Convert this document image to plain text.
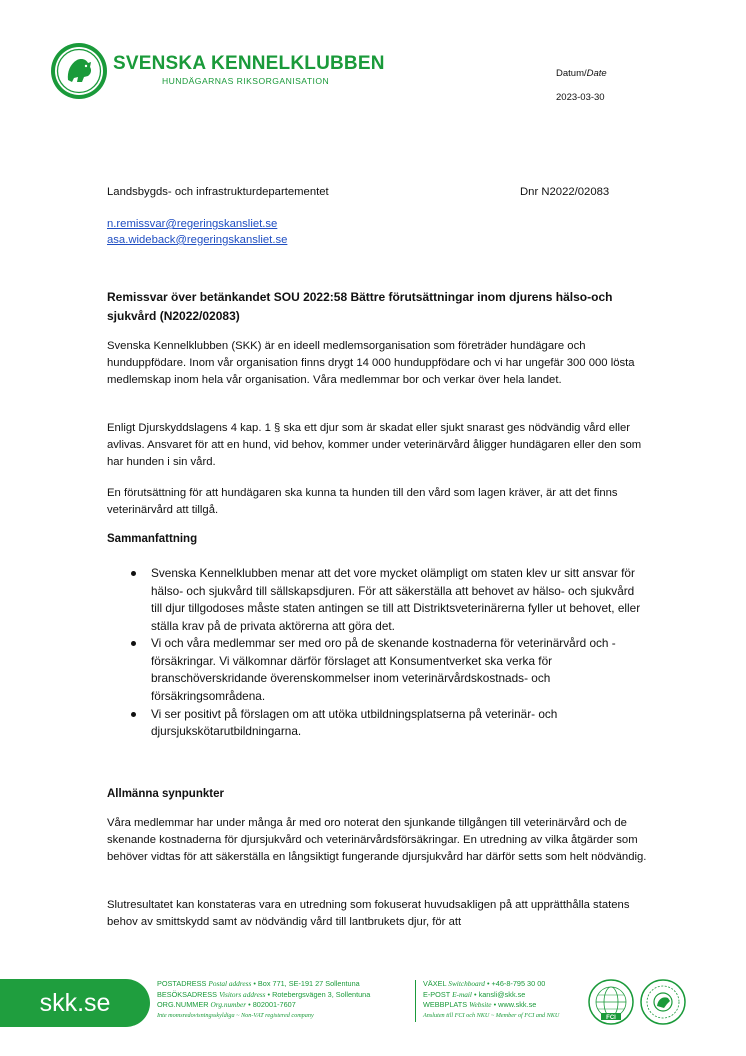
SVENSKA KENNELKLUBBEN
HUNDÄGARNAS RIKSORGANISATION
Datum/Date
2023-03-30
Landsbygds- och infrastrukturdepartementet	Dnr N2022/02083
n.remissvar@regeringskansliet.se
asa.wideback@regeringskansliet.se
Remissvar över betänkandet SOU 2022:58 Bättre förutsättningar inom djurens hälso-och sjukvård (N2022/02083)
Svenska Kennelklubben (SKK) är en ideell medlemsorganisation som företräder hundägare och hunduppfödare. Inom vår organisation finns drygt 14 000 hunduppfödare och vi har ungefär 300 000 lösta medlemskap inom hela vår organisation. Våra medlemmar bor och verkar över hela landet.
Enligt Djurskyddslagens 4 kap. 1 § ska ett djur som är skadat eller sjukt snarast ges nödvändig vård eller avlivas. Ansvaret för att en hund, vid behov, kommer under veterinärvård åligger hundägaren eller den som har hunden i sin vård.
En förutsättning för att hundägaren ska kunna ta hunden till den vård som lagen kräver, är att det finns veterinärvård att tillgå.
Sammanfattning
Svenska Kennelklubben menar att det vore mycket olämpligt om staten klev ur sitt ansvar för hälso- och sjukvård till sällskapsdjuren. För att säkerställa att behovet av hälso- och sjukvård till djur tillgodoses måste staten antingen se till att Distriktsveterinärerna fyller ut behovet, eller ställa krav på de privata aktörerna att göra det.
Vi och våra medlemmar ser med oro på de skenande kostnaderna för veterinärvård och -försäkringar. Vi välkomnar därför förslaget att Konsumentverket ska verka för branschöverskridande överenskommelser inom veterinärvårdskostnads- och försäkringsområdena.
Vi ser positivt på förslagen om att utöka utbildningsplatserna på veterinär- och djursjukskötarutbildningarna.
Allmänna synpunkter
Våra medlemmar har under många år med oro noterat den sjunkande tillgången till veterinärvård och de skenande kostnaderna för djursjukvård och veterinärvårdsförsäkringar. En utredning av vilka åtgärder som behöver vidtas för att säkerställa en långsiktigt fungerande djursjukvård har därför setts som helt nödvändig.
Slutresultatet kan konstateras vara en utredning som fokuserat huvudsakligen på att upprätthålla statens behov av smittskydd samt av nödvändig vård till lantbrukets djur, för att
skk.se
POSTADRESS Postal address • Box 771, SE-191 27 Sollentuna
BESÖKSADRESS Visitors address • Rotebergsvägen 3, Sollentuna
ORG.NUMMER Org.number • 802001-7607
Inte momsredovisningsskyldiga ~ Non-VAT registered company
VÄXEL Switchboard • +46-8-795 30 00
E-POST E-mail • kansli@skk.se
WEBBPLATS Website • www.skk.se
Ansluten till FCI och NKU ~ Member of FCI and NKU	FCI
